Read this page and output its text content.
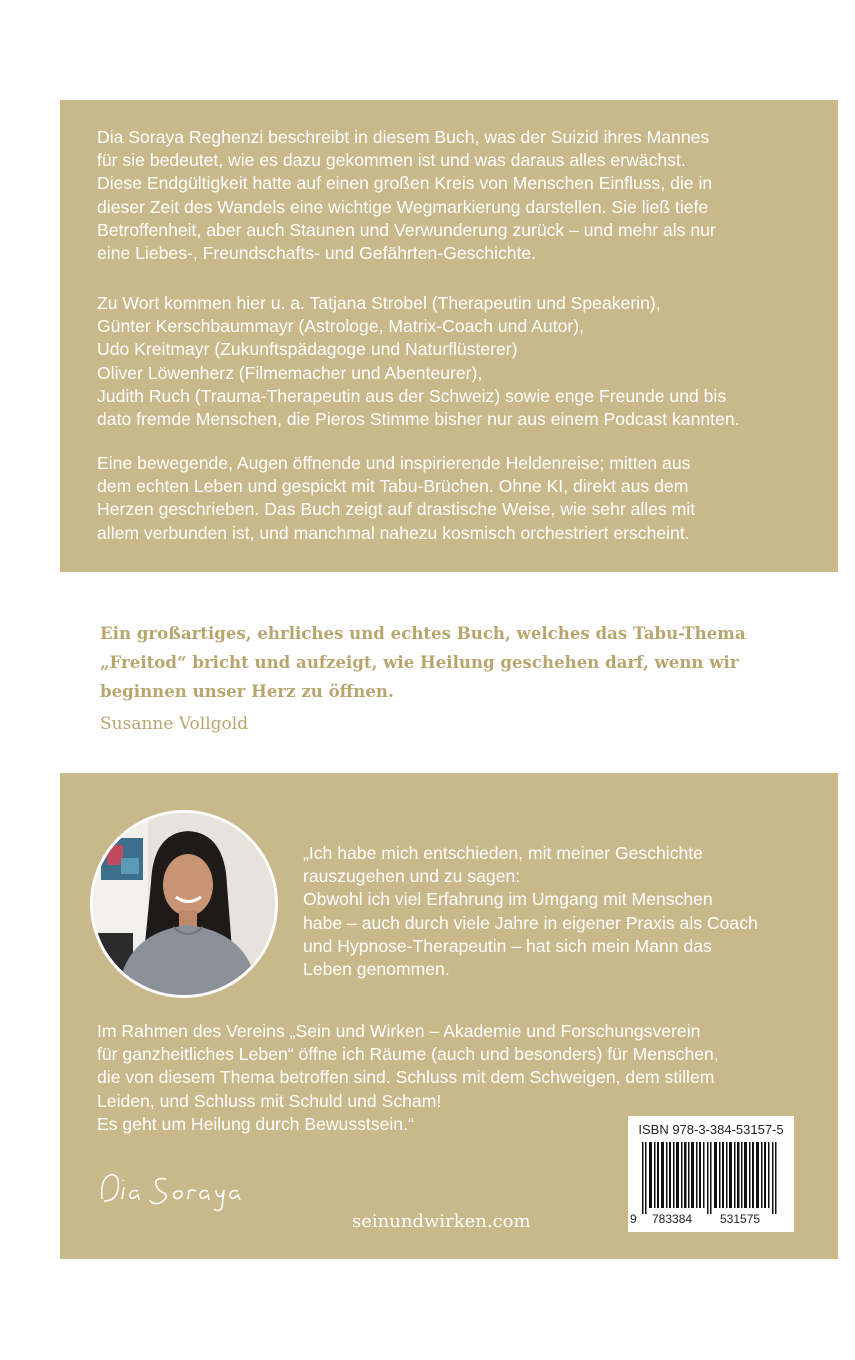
Dia Soraya Reghenzi beschreibt in diesem Buch, was der Suizid ihres Mannes
für sie bedeutet, wie es dazu gekommen ist und was daraus alles erwächst.
Diese Endgültigkeit hatte auf einen großen Kreis von Menschen Einfluss, die in
dieser Zeit des Wandels eine wichtige Wegmarkierung darstellen. Sie ließ tiefe
Betroffenheit, aber auch Staunen und Verwunderung zurück – und mehr als nur
eine Liebes-, Freundschafts- und Gefährten-Geschichte.

Zu Wort kommen hier u. a. Tatjana Strobel (Therapeutin und Speakerin),
Günter Kerschbaummayr (Astrologe, Matrix-Coach und Autor),
Udo Kreitmayr (Zukunftspädagoge und Naturflüsterer)
Oliver Löwenherz (Filmemacher und Abenteurer),
Judith Ruch (Trauma-Therapeutin aus der Schweiz) sowie enge Freunde und bis
dato fremde Menschen, die Pieros Stimme bisher nur aus einem Podcast kannten.

Eine bewegende, Augen öffnende und inspirierende Heldenreise; mitten aus
dem echten Leben und gespickt mit Tabu-Brüchen. Ohne KI, direkt aus dem
Herzen geschrieben. Das Buch zeigt auf drastische Weise, wie sehr alles mit
allem verbunden ist, und manchmal nahezu kosmisch orchestriert erscheint.

Ein großartiges, ehrliches und echtes Buch, welches das Tabu-Thema
„Freitod“ bricht und aufzeigt, wie Heilung geschehen darf, wenn wir
beginnen unser Herz zu öffnen.

Susanne Vollgold

„Ich habe mich entschieden, mit meiner Geschichte
rauszugehen und zu sagen:
Obwohl ich viel Erfahrung im Umgang mit Menschen
habe – auch durch viele Jahre in eigener Praxis als Coach
und Hypnose-Therapeutin – hat sich mein Mann das
Leben genommen.

Im Rahmen des Vereins „Sein und Wirken – Akademie und Forschungsverein
für ganzheitliches Leben“ öffne ich Räume (auch und besonders) für Menschen,
die von diesem Thema betroffen sind. Schluss mit dem Schweigen, dem stillem
Leiden, und Schluss mit Schuld und Scham!
Es geht um Heilung durch Bewusstsein.“

seinundwirken.com
ISBN 978-3-384-53157-5
9 783384 531575
